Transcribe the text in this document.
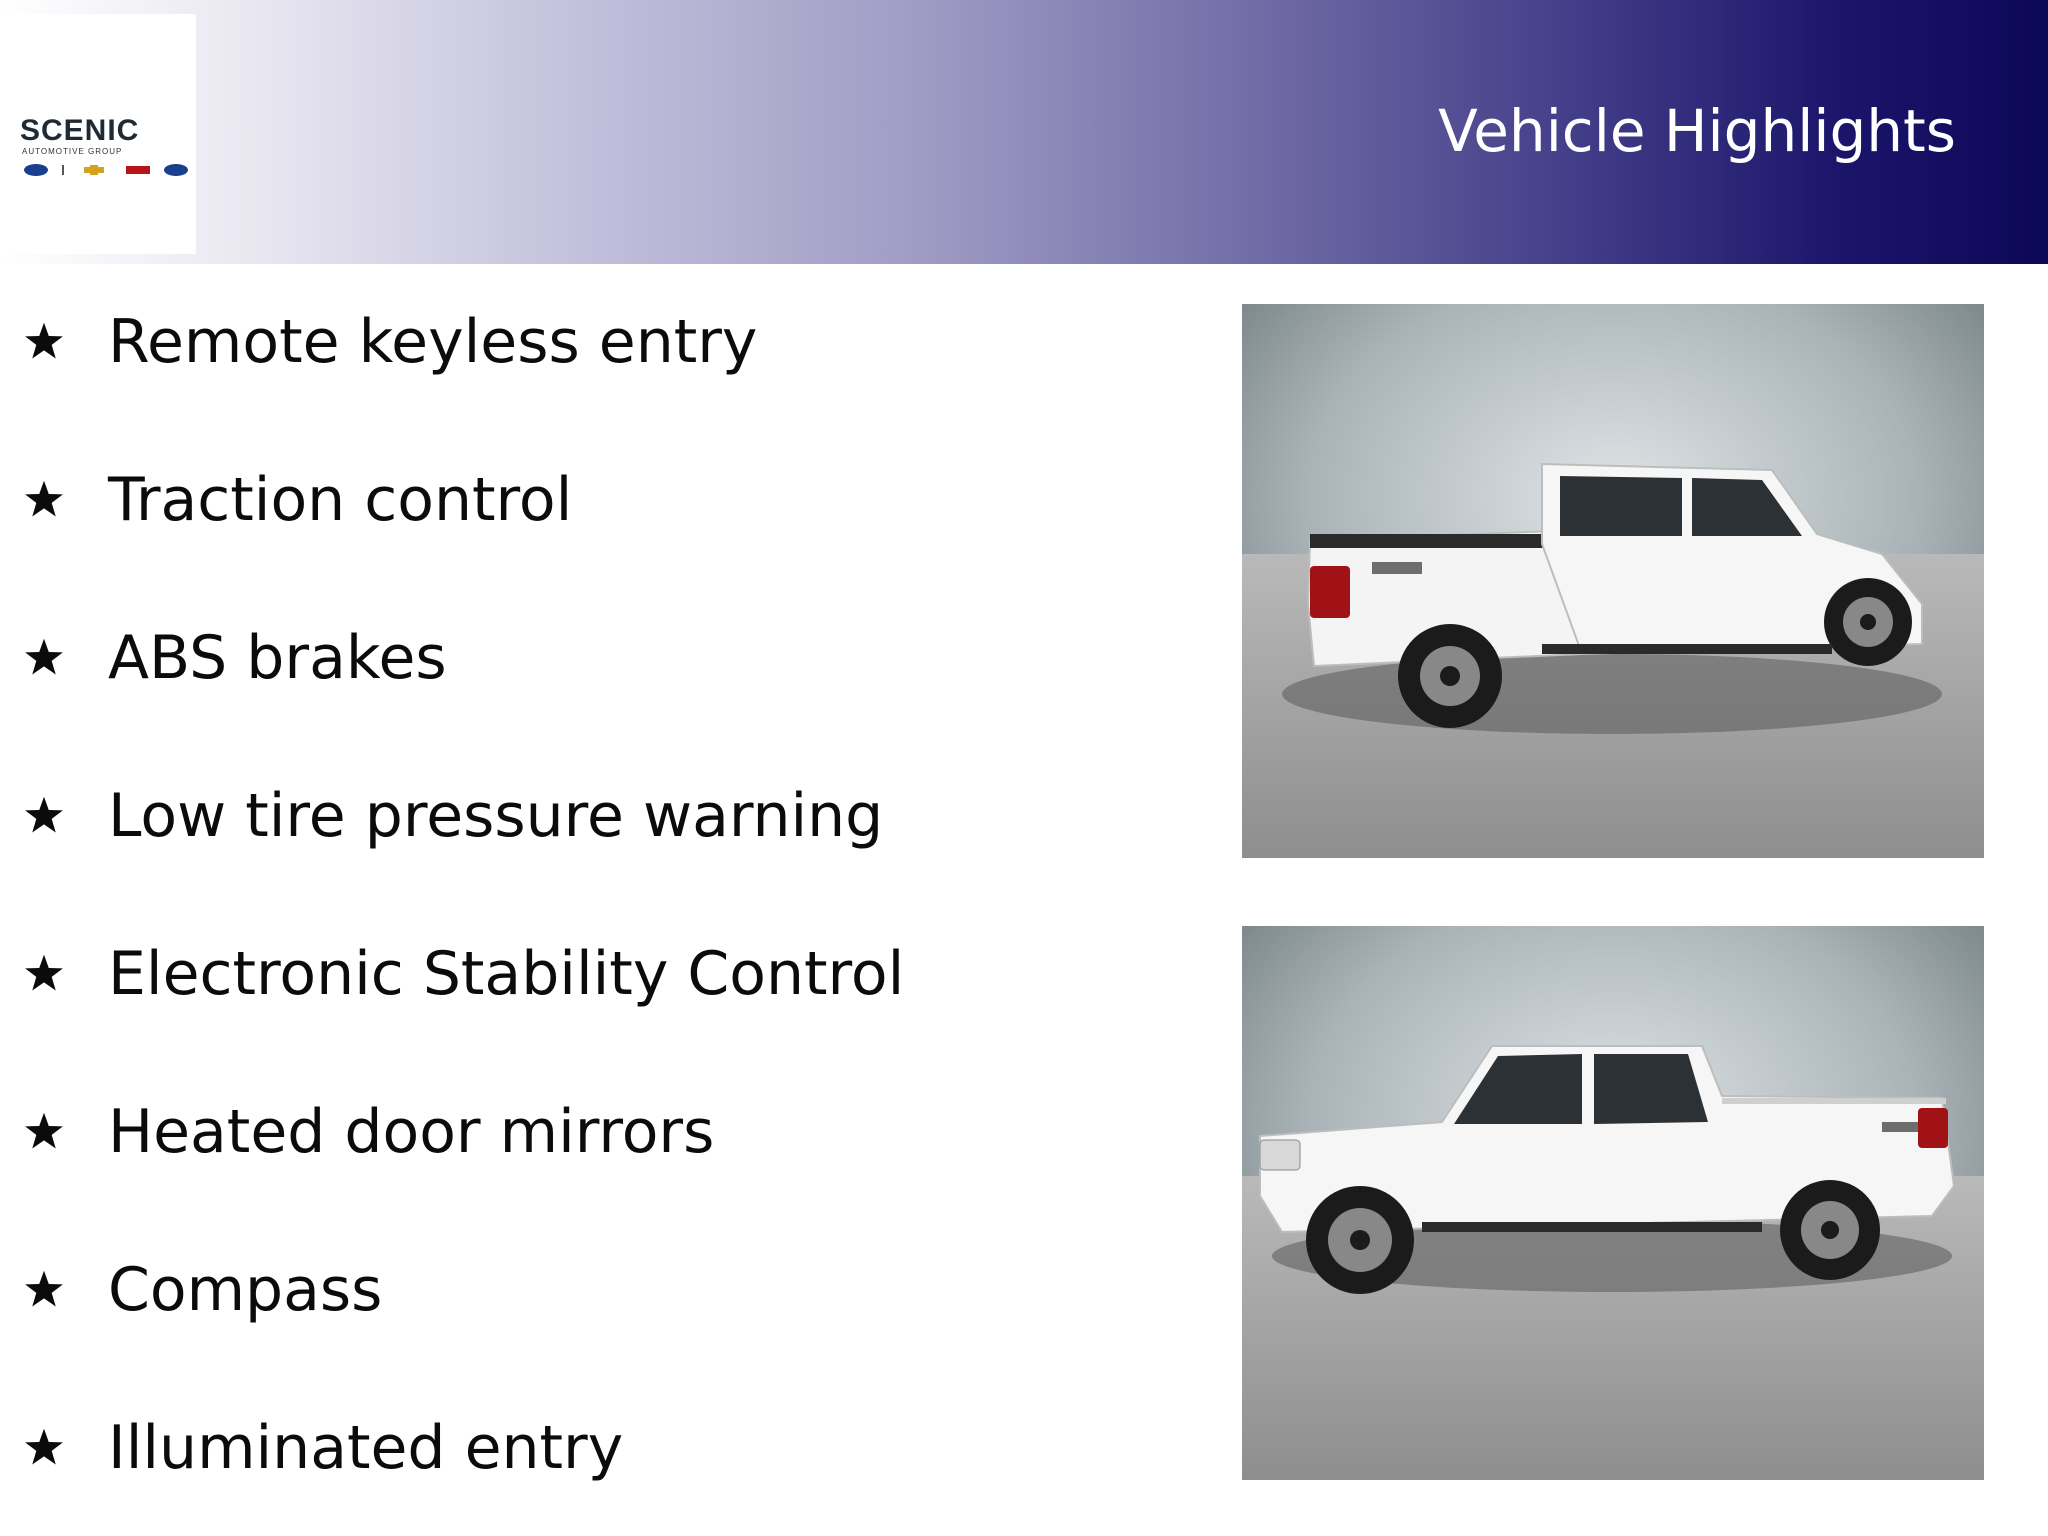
SCENIC
AUTOMOTIVE GROUP	Vehicle Highlights
Remote keyless entry
Traction control
ABS brakes
Low tire pressure warning
Electronic Stability Control
Heated door mirrors
Compass
Illuminated entry
